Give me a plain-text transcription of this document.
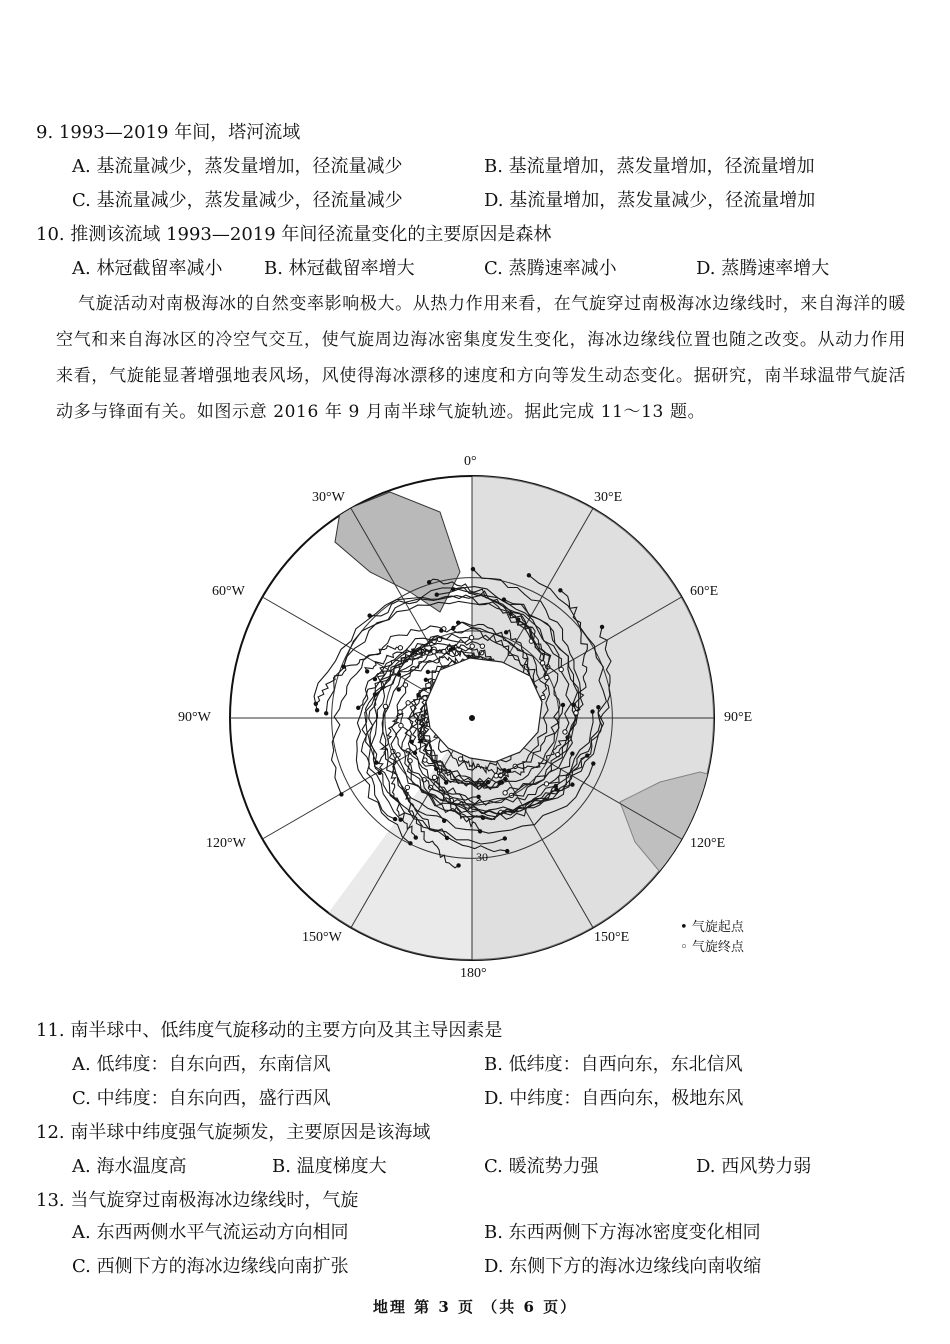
9. 1993—2019 年间，塔河流域
A. 基流量减少，蒸发量增加，径流量减少	B. 基流量增加，蒸发量增加，径流量增加
C. 基流量减少，蒸发量减少，径流量减少	D. 基流量增加，蒸发量减少，径流量增加
10. 推测该流域 1993—2019 年间径流量变化的主要原因是森林
A. 林冠截留率减小 B. 林冠截留率增大	C. 蒸腾速率减小	D. 蒸腾速率增大
气旋活动对南极海冰的自然变率影响极大。从热力作用来看，在气旋穿过南极海冰边缘线时，来自海洋的暖空气和来自海冰区的冷空气交互，使气旋周边海冰密集度发生变化，海冰边缘线位置也随之改变。从动力作用来看，气旋能显著增强地表风场，风使得海冰漂移的速度和方向等发生动态变化。据研究，南半球温带气旋活动多与锋面有关。如图示意 2016 年 9 月南半球气旋轨迹。据此完成 11～13 题。
0°
30°E
60°E
90°E
120°E
150°E
180°
150°W
120°W
90°W
60°W
30°W
60
30
• 气旋起点
◦ 气旋终点
11. 南半球中、低纬度气旋移动的主要方向及其主导因素是
A. 低纬度：自东向西，东南信风	B. 低纬度：自西向东，东北信风
C. 中纬度：自东向西，盛行西风	D. 中纬度：自西向东，极地东风
12. 南半球中纬度强气旋频发，主要原因是该海域
A. 海水温度高	B. 温度梯度大	C. 暖流势力强	D. 西风势力弱
13. 当气旋穿过南极海冰边缘线时，气旋
A. 东西两侧水平气流运动方向相同	B. 东西两侧下方海冰密度变化相同
C. 西侧下方的海冰边缘线向南扩张	D. 东侧下方的海冰边缘线向南收缩
地理 第 3 页 （共 6 页）
